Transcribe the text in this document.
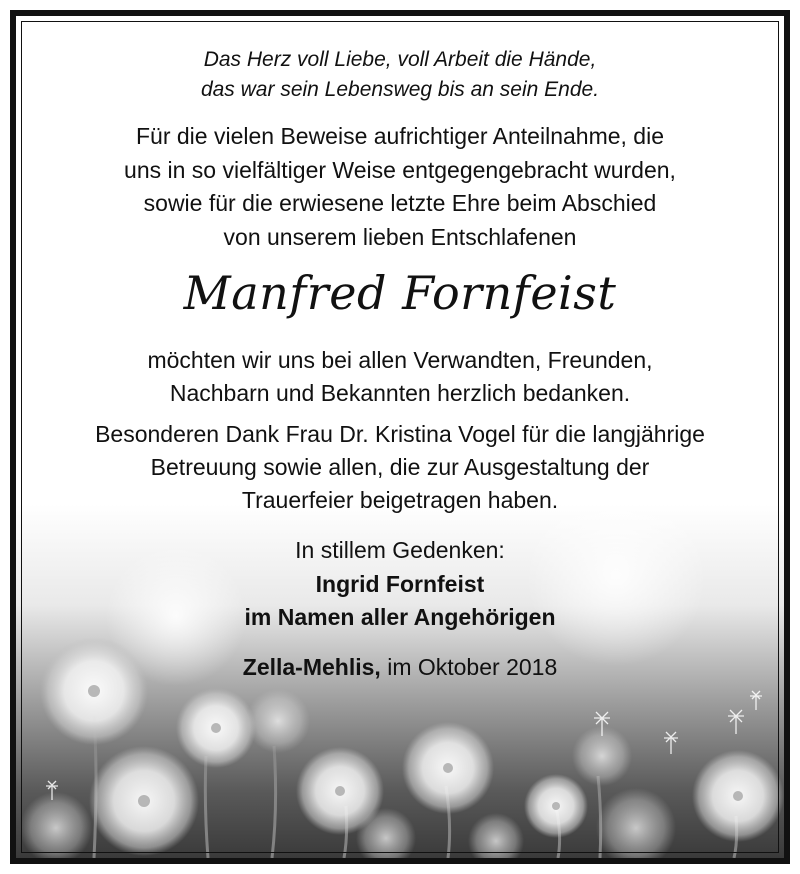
Das Herz voll Liebe, voll Arbeit die Hände,
das war sein Lebensweg bis an sein Ende.
Für die vielen Beweise aufrichtiger Anteilnahme, die
uns in so vielfältiger Weise entgegengebracht wurden,
sowie für die erwiesene letzte Ehre beim Abschied
von unserem lieben Entschlafenen
Manfred Fornfeist
möchten wir uns bei allen Verwandten, Freunden,
Nachbarn und Bekannten herzlich bedanken.
Besonderen Dank Frau Dr. Kristina Vogel für die langjährige
Betreuung sowie allen, die zur Ausgestaltung der
Trauerfeier beigetragen haben.
In stillem Gedenken:
Ingrid Fornfeist
im Namen aller Angehörigen
Zella-Mehlis, im Oktober 2018
